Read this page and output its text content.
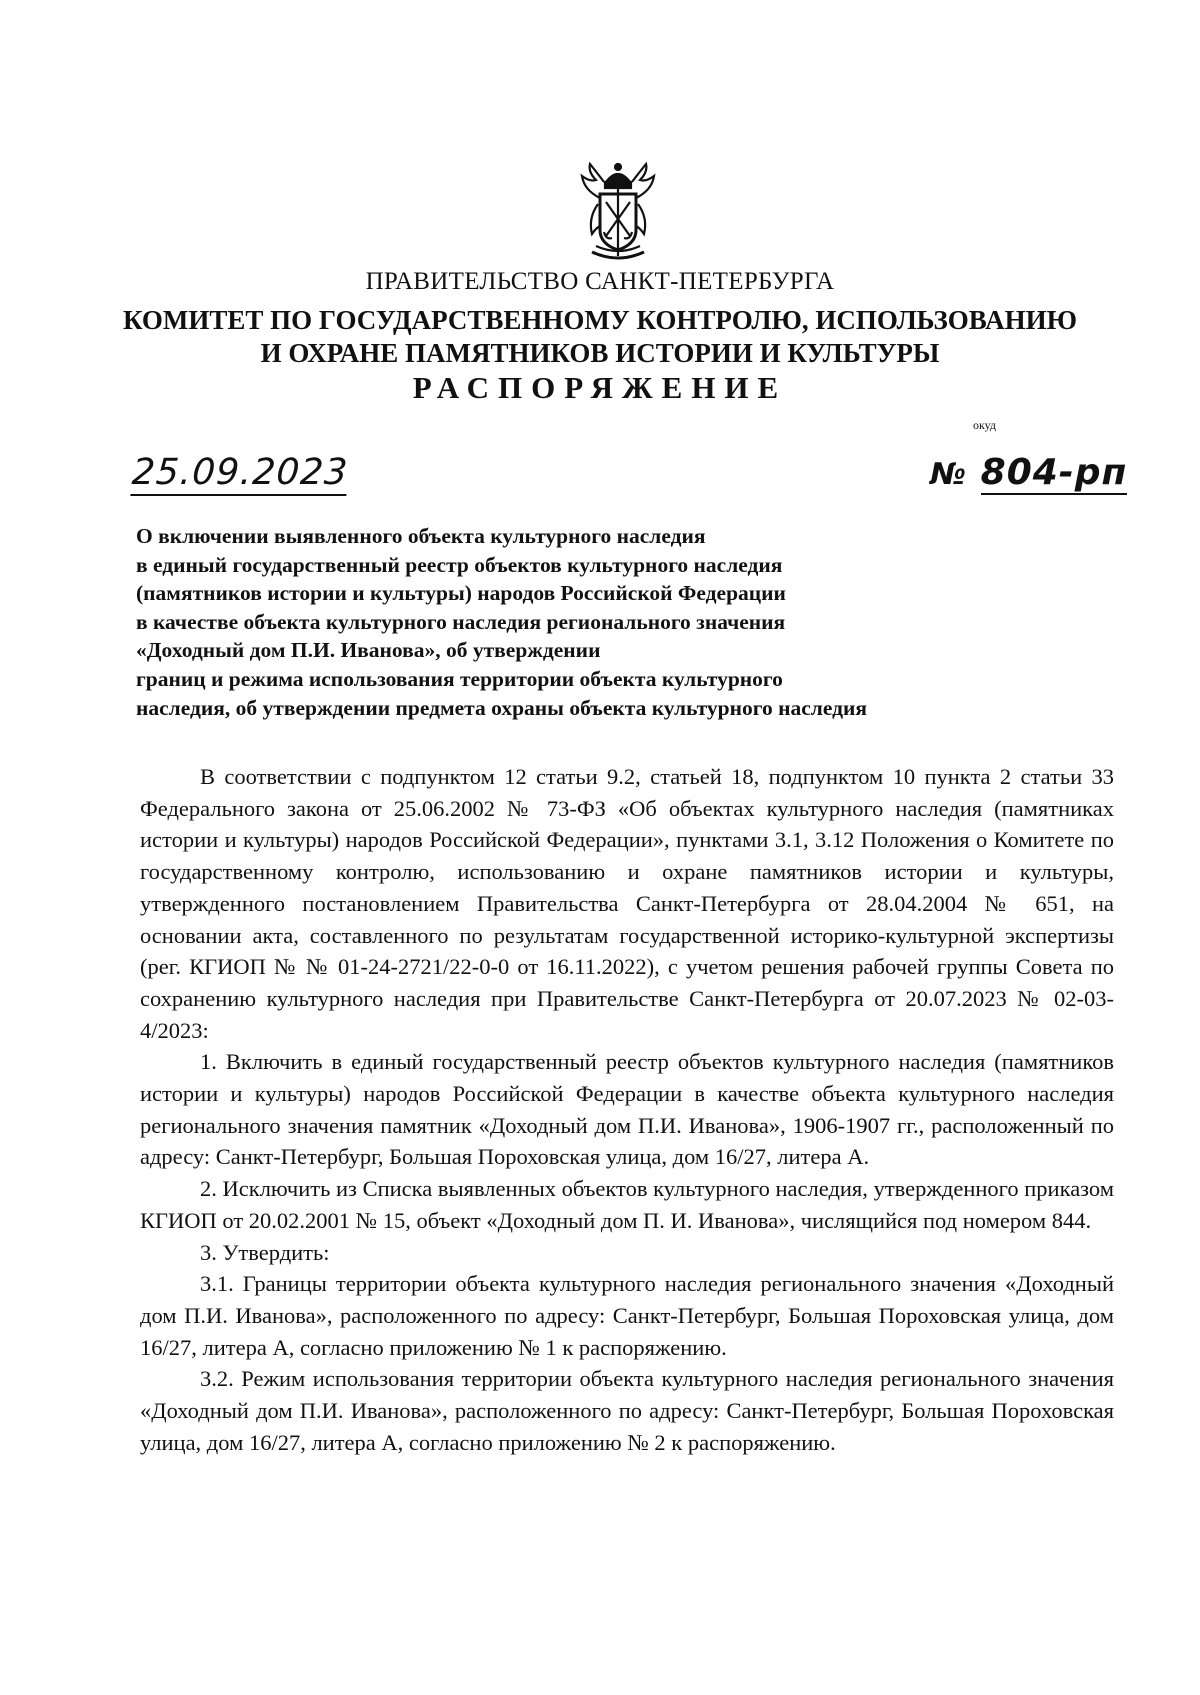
ПРАВИТЕЛЬСТВО САНКТ-ПЕТЕРБУРГА
КОМИТЕТ ПО ГОСУДАРСТВЕННОМУ КОНТРОЛЮ, ИСПОЛЬЗОВАНИЮ
И ОХРАНЕ ПАМЯТНИКОВ ИСТОРИИ И КУЛЬТУРЫ
РАСПОРЯЖЕНИЕ
окуд
25.09.2023	№ 804-рп
О включении выявленного объекта культурного наследия
в единый государственный реестр объектов культурного наследия
(памятников истории и культуры) народов Российской Федерации
в качестве объекта культурного наследия регионального значения
«Доходный дом П.И. Иванова», об утверждении
границ и режима использования территории объекта культурного
наследия, об утверждении предмета охраны объекта культурного наследия

В соответствии с подпунктом 12 статьи 9.2, статьей 18, подпунктом 10 пункта 2 статьи 33 Федерального закона от 25.06.2002 № 73-ФЗ «Об объектах культурного наследия (памятниках истории и культуры) народов Российской Федерации», пунктами 3.1, 3.12 Положения о Комитете по государственному контролю, использованию и охране памятников истории и культуры, утвержденного постановлением Правительства Санкт-Петербурга от 28.04.2004 № 651, на основании акта, составленного по результатам государственной историко-культурной экспертизы (рег. КГИОП № № 01-24-2721/22-0-0 от 16.11.2022), с учетом решения рабочей группы Совета по сохранению культурного наследия при Правительстве Санкт-Петербурга от 20.07.2023 № 02-03-4/2023:

1. Включить в единый государственный реестр объектов культурного наследия (памятников истории и культуры) народов Российской Федерации в качестве объекта культурного наследия регионального значения памятник «Доходный дом П.И. Иванова», 1906-1907 гг., расположенный по адресу: Санкт-Петербург, Большая Пороховская улица, дом 16/27, литера А.

2. Исключить из Списка выявленных объектов культурного наследия, утвержденного приказом КГИОП от 20.02.2001 № 15, объект «Доходный дом П. И. Иванова», числящийся под номером 844.

3. Утвердить:

3.1. Границы территории объекта культурного наследия регионального значения «Доходный дом П.И. Иванова», расположенного по адресу: Санкт-Петербург, Большая Пороховская улица, дом 16/27, литера А, согласно приложению № 1 к распоряжению.

3.2. Режим использования территории объекта культурного наследия регионального значения «Доходный дом П.И. Иванова», расположенного по адресу: Санкт-Петербург, Большая Пороховская улица, дом 16/27, литера А, согласно приложению № 2 к распоряжению.
